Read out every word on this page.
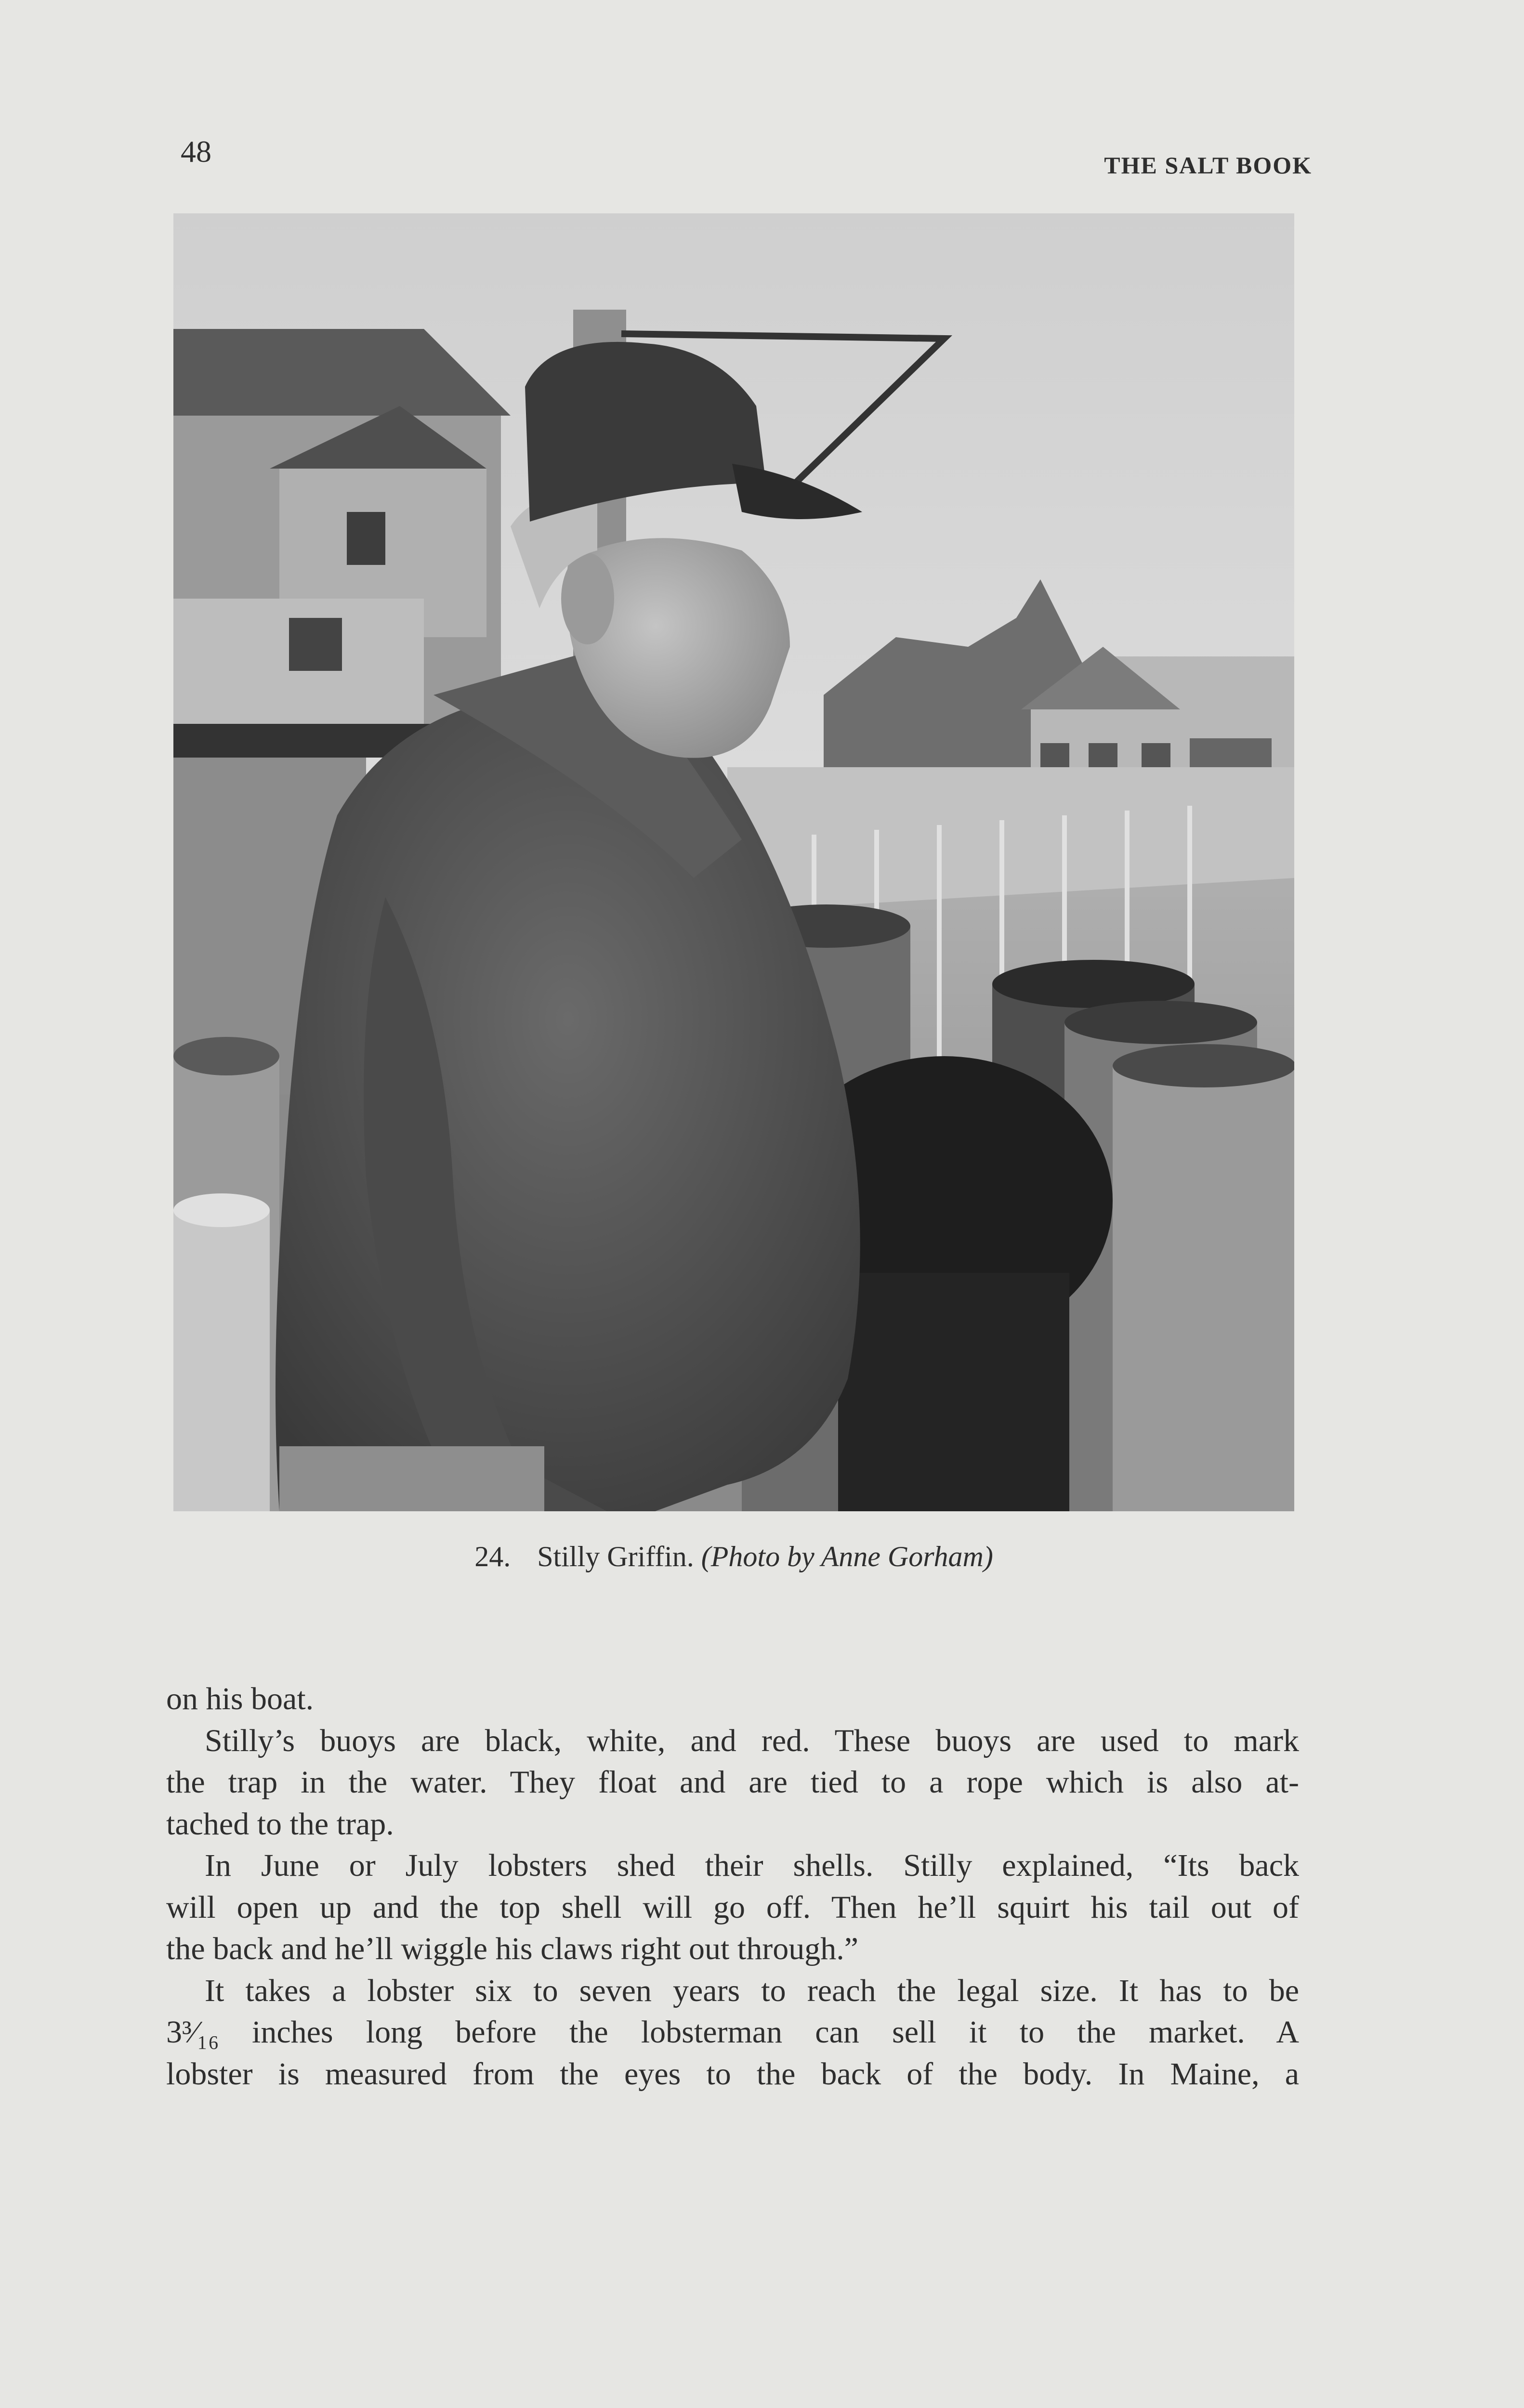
48	THE SALT BOOK
24. Stilly Griffin. (Photo by Anne Gorham)

on his boat.

Stilly’s buoys are black, white, and red. These buoys are used to mark

the trap in the water. They float and are tied to a rope which is also at-

tached to the trap.

In June or July lobsters shed their shells. Stilly explained, “Its back

will open up and the top shell will go off. Then he’ll squirt his tail out of

the back and he’ll wiggle his claws right out through.”

It takes a lobster six to seven years to reach the legal size. It has to be

3³⁄₁₆ inches long before the lobsterman can sell it to the market. A

lobster is measured from the eyes to the back of the body. In Maine, a
